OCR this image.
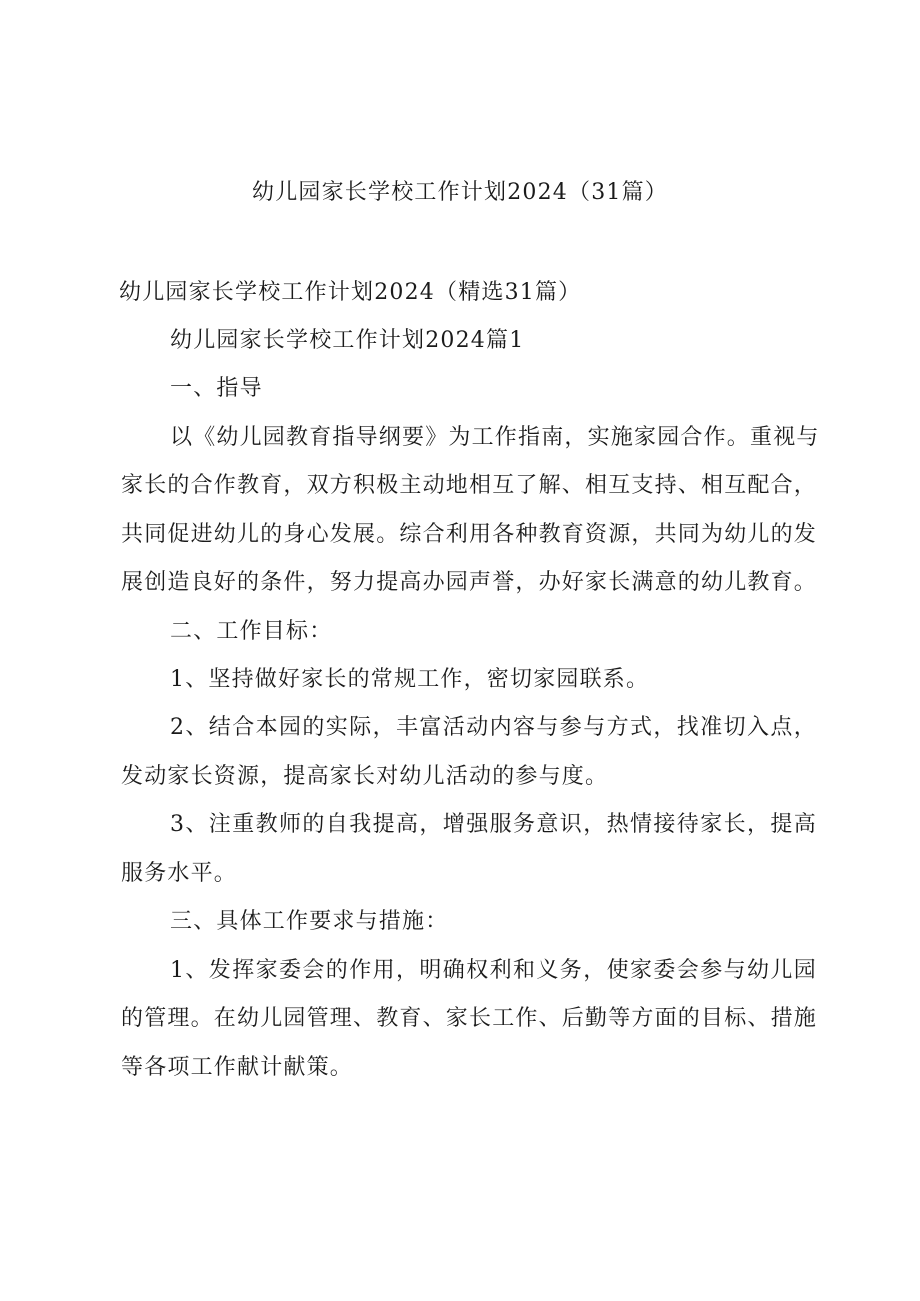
幼儿园家长学校工作计划2024（31篇）
幼儿园家长学校工作计划2024（精选31篇）
幼儿园家长学校工作计划2024篇1
一、指导
以《幼儿园教育指导纲要》为工作指南，实施家园合作。重视与
家长的合作教育，双方积极主动地相互了解、相互支持、相互配合，
共同促进幼儿的身心发展。综合利用各种教育资源，共同为幼儿的发
展创造良好的条件，努力提高办园声誉，办好家长满意的幼儿教育。
二、工作目标：
1、坚持做好家长的常规工作，密切家园联系。
2、结合本园的实际，丰富活动内容与参与方式，找准切入点，
发动家长资源，提高家长对幼儿活动的参与度。
3、注重教师的自我提高，增强服务意识，热情接待家长，提高
服务水平。
三、具体工作要求与措施：
1、发挥家委会的作用，明确权利和义务，使家委会参与幼儿园
的管理。在幼儿园管理、教育、家长工作、后勤等方面的目标、措施
等各项工作献计献策。
